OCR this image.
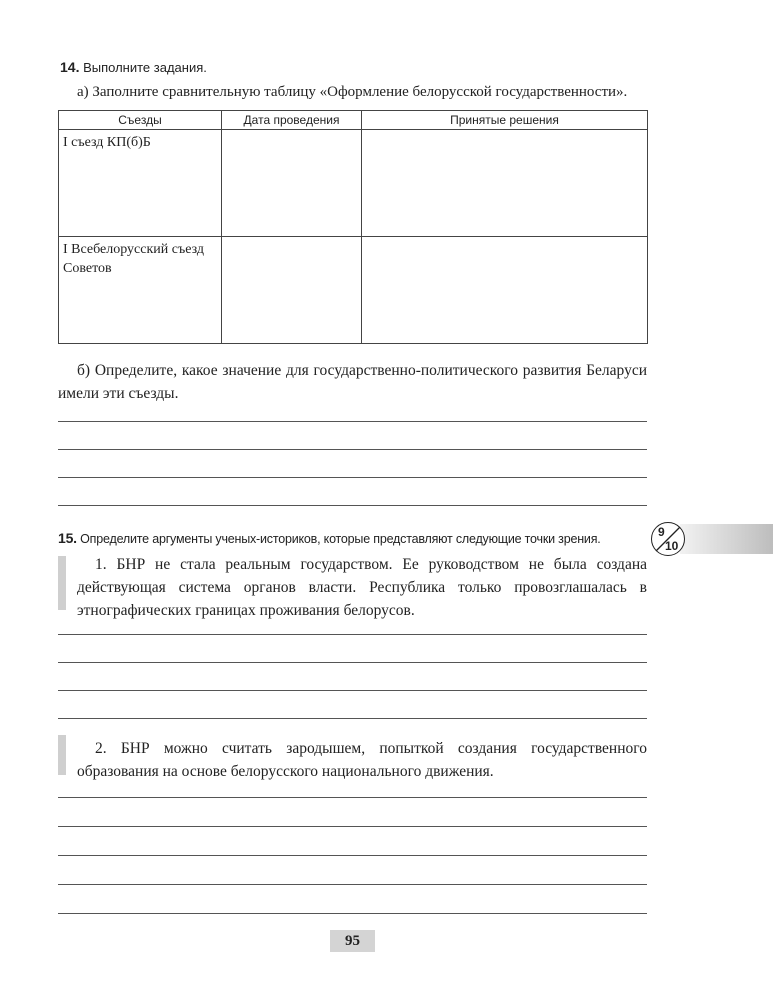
14. Выполните задания.
а) Заполните сравнительную таблицу «Оформление белорусской государственности».
Съезды	Дата проведения	Принятые решения
I съезд КП(б)Б		
I Всебелорусский съезд Советов		
б) Определите, какое значение для государственно-политического развития Беларуси имели эти съезды.
9
10
15. Определите аргументы ученых-историков, которые представляют следующие точки зрения.
1. БНР не стала реальным государством. Ее руководством не была создана действующая система органов власти. Республика только провозглашалась в этнографических границах проживания белорусов.
2. БНР можно считать зародышем, попыткой создания государственного образования на основе белорусского национального движения.
95
